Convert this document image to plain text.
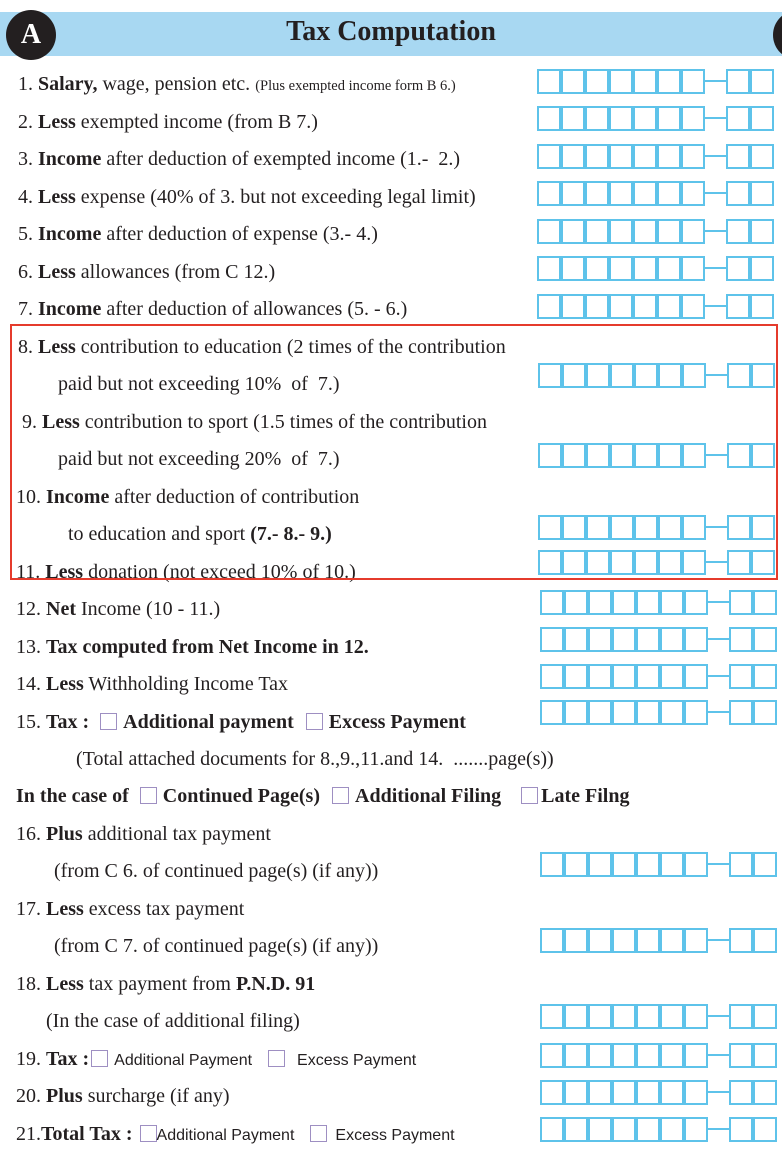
Tax Computation
A
1. Salary, wage, pension etc. (Plus exempted income form B 6.)
2. Less exempted income (from B 7.)
3. Income after deduction of exempted income (1.-  2.)
4. Less expense (40% of 3. but not exceeding legal limit)
5. Income after deduction of expense (3.- 4.)
6. Less allowances (from C 12.)
7. Income after deduction of allowances (5. - 6.)
8. Less contribution to education (2 times of the contribution
paid but not exceeding 10%  of  7.)
9. Less contribution to sport (1.5 times of the contribution
paid but not exceeding 20%  of  7.)
10. Income after deduction of contribution
to education and sport (7.- 8.- 9.)
11. Less donation (not exceed 10% of 10.)
12. Net Income (10 - 11.)
13. Tax computed from Net Income in 12.
14. Less Withholding Income Tax
(Total attached documents for 8.,9.,11.and 14.  .......page(s))
16. Plus additional tax payment
(from C 6. of continued page(s) (if any))
17. Less excess tax payment
(from C 7. of continued page(s) (if any))
18. Less tax payment from P.N.D. 91
(In the case of additional filing)
20. Plus surcharge (if any)
15. Tax : Additional payment Excess Payment
In the case of Continued Page(s) Additional Filing Late Filng
19. Tax : Additional Payment	Excess Payment
21.Total Tax : Additional Payment	Excess Payment
